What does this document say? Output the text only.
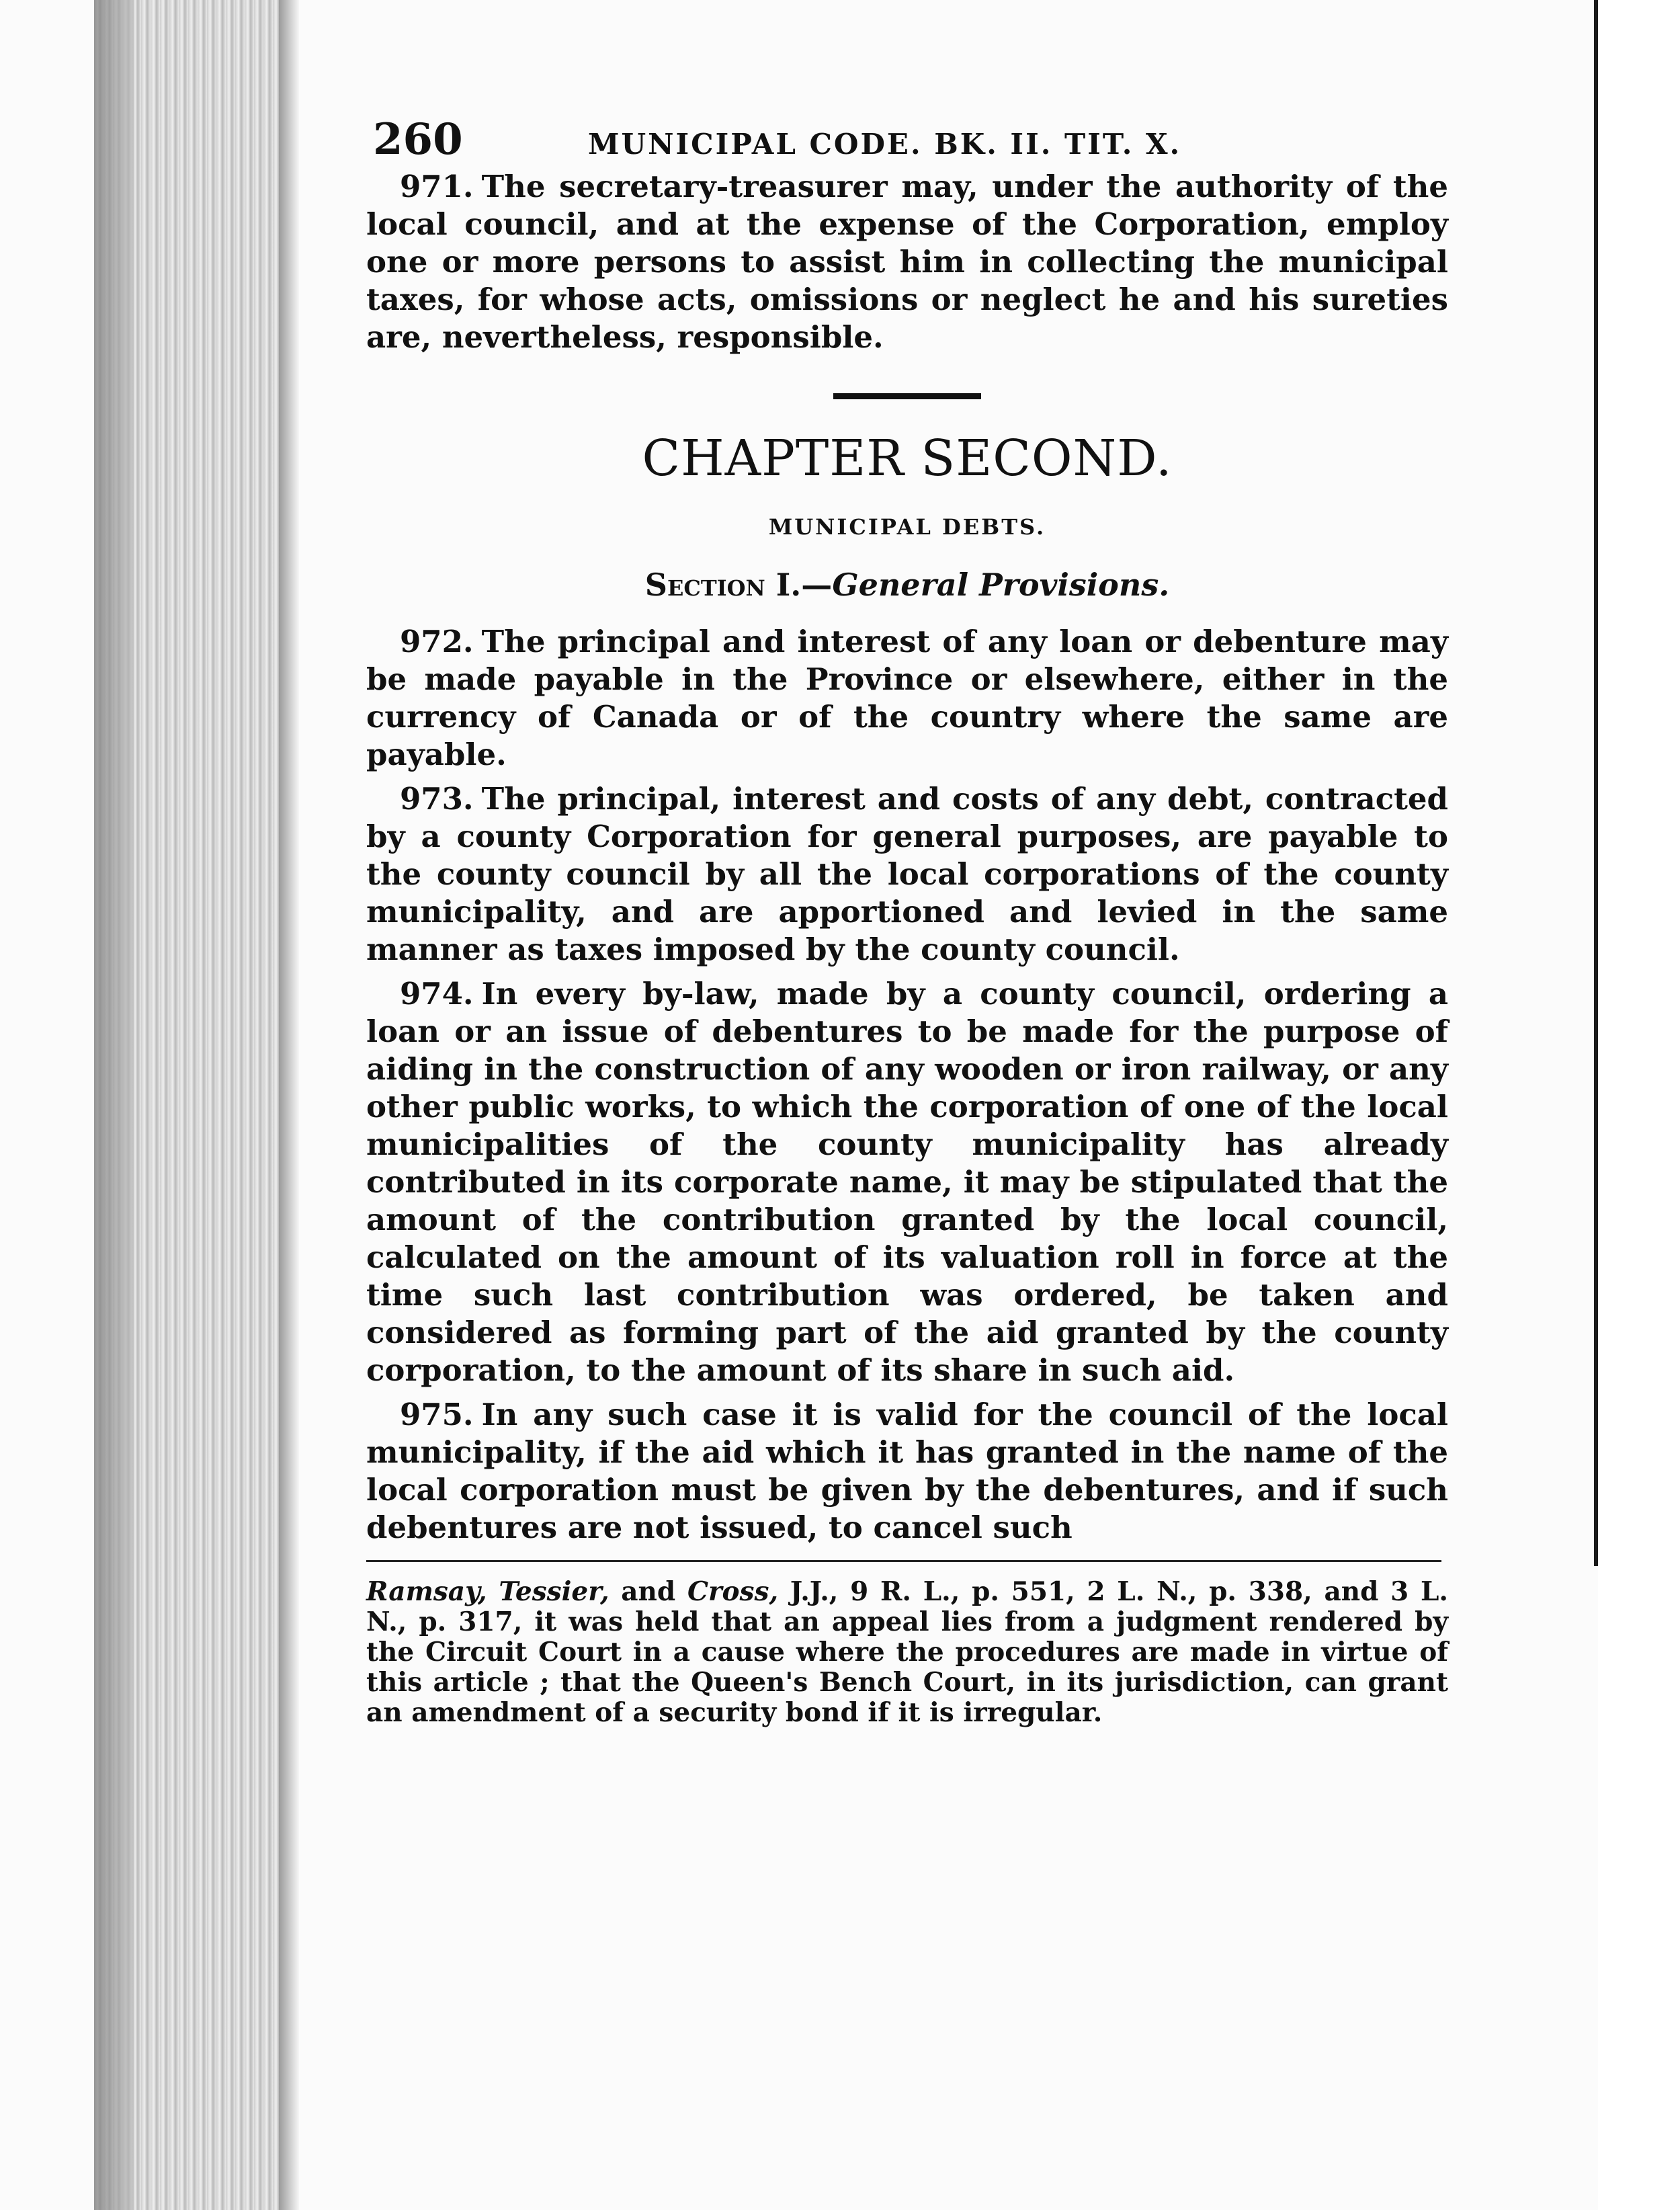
260	MUNICIPAL CODE. BK. II. TIT. X.

971. The secretary-treasurer may, under the authority of the local council, and at the expense of the Corporation, employ one or more persons to assist him in collecting the municipal taxes, for whose acts, omissions or neglect he and his sureties are, nevertheless, responsible.

CHAPTER SECOND.
MUNICIPAL DEBTS.
Section I.—General Provisions.

972. The principal and interest of any loan or debenture may be made payable in the Province or elsewhere, either in the currency of Canada or of the country where the same are payable.

973. The principal, interest and costs of any debt, contracted by a county Corporation for general purposes, are payable to the county council by all the local corporations of the county municipality, and are apportioned and levied in the same manner as taxes imposed by the county council.

974. In every by-law, made by a county council, ordering a loan or an issue of debentures to be made for the purpose of aiding in the construction of any wooden or iron railway, or any other public works, to which the corporation of one of the local municipalities of the county municipality has already contributed in its corporate name, it may be stipulated that the amount of the contribution granted by the local council, calculated on the amount of its valuation roll in force at the time such last contribution was ordered, be taken and considered as forming part of the aid granted by the county corporation, to the amount of its share in such aid.

975. In any such case it is valid for the council of the local municipality, if the aid which it has granted in the name of the local corporation must be given by the debentures, and if such debentures are not issued, to cancel such

Ramsay, Tessier, and Cross, J.J., 9 R. L., p. 551, 2 L. N., p. 338, and 3 L. N., p. 317, it was held that an appeal lies from a judgment rendered by the Circuit Court in a cause where the procedures are made in virtue of this article ; that the Queen's Bench Court, in its jurisdiction, can grant an amendment of a security bond if it is irregular.
